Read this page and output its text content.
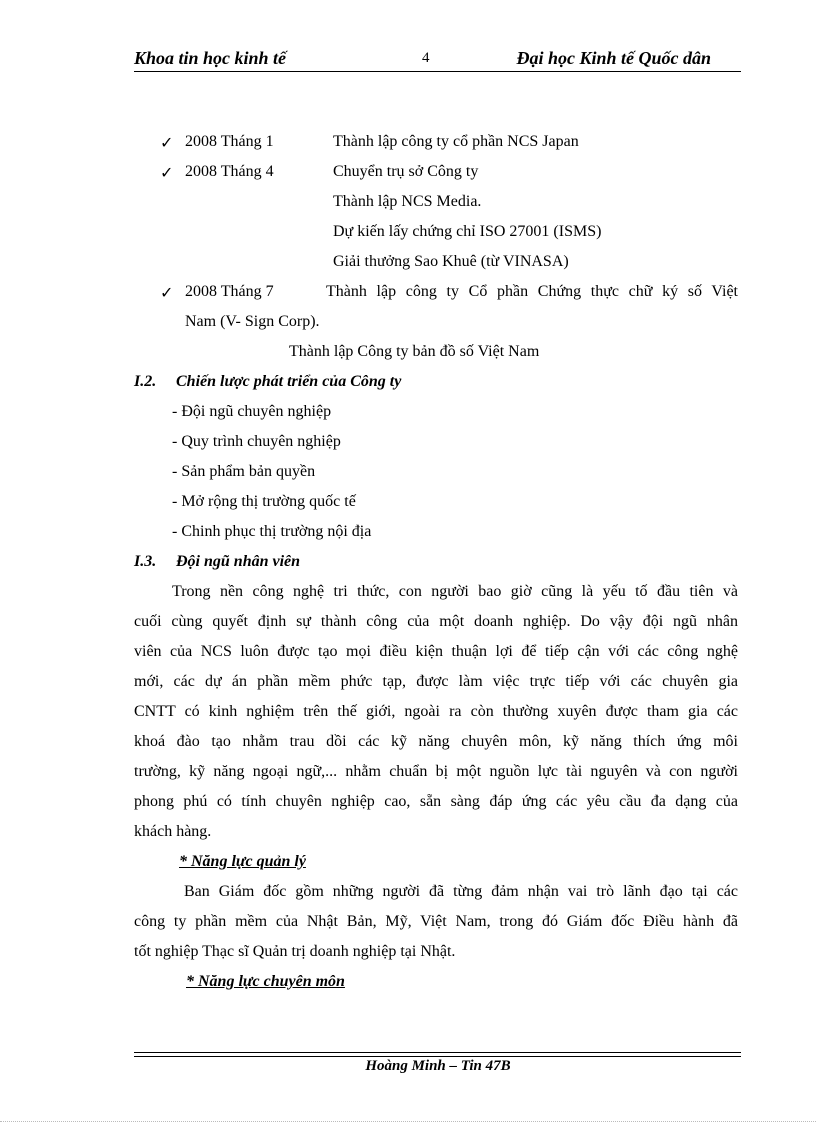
Khoa tin học kinh tế	4	Đại học Kinh tế Quốc dân
✓ 2008 Tháng 1	Thành lập công ty cổ phần NCS Japan
✓ 2008 Tháng 4	Chuyển trụ sở Công ty
Thành lập NCS Media.
Dự kiến lấy chứng chỉ ISO 27001 (ISMS)
Giải thưởng Sao Khuê (từ VINASA)
✓ 2008 Tháng 7	Thành lập công ty Cổ phần Chứng thực chữ ký số Việt
Nam (V- Sign Corp).
Thành lập Công ty bản đồ số Việt Nam
I.2. Chiến lược phát triển của Công ty
- Đội ngũ chuyên nghiệp
- Quy trình chuyên nghiệp
- Sản phẩm bản quyền
- Mở rộng thị trường quốc tế
- Chinh phục thị trường nội địa
I.3. Đội ngũ nhân viên
Trong nền công nghệ tri thức, con người bao giờ cũng là yếu tố đầu tiên và
cuối cùng quyết định sự thành công của một doanh nghiệp. Do vậy đội ngũ nhân
viên của NCS luôn được tạo mọi điều kiện thuận lợi để tiếp cận với các công nghệ
mới, các dự án phần mềm phức tạp, được làm việc trực tiếp với các chuyên gia
CNTT có kinh nghiệm trên thế giới, ngoài ra còn thường xuyên được tham gia các
khoá đào tạo nhằm trau dồi các kỹ năng chuyên môn, kỹ năng thích ứng môi
trường, kỹ năng ngoại ngữ,... nhằm chuẩn bị một nguồn lực tài nguyên và con người
phong phú có tính chuyên nghiệp cao, sẵn sàng đáp ứng các yêu cầu đa dạng của
khách hàng.
* Năng lực quản lý
Ban Giám đốc gồm những người đã từng đảm nhận vai trò lãnh đạo tại các
công ty phần mềm của Nhật Bản, Mỹ, Việt Nam, trong đó Giám đốc Điều hành đã
tốt nghiệp Thạc sĩ Quản trị doanh nghiệp tại Nhật.
* Năng lực chuyên môn
Hoàng Minh – Tin 47B
